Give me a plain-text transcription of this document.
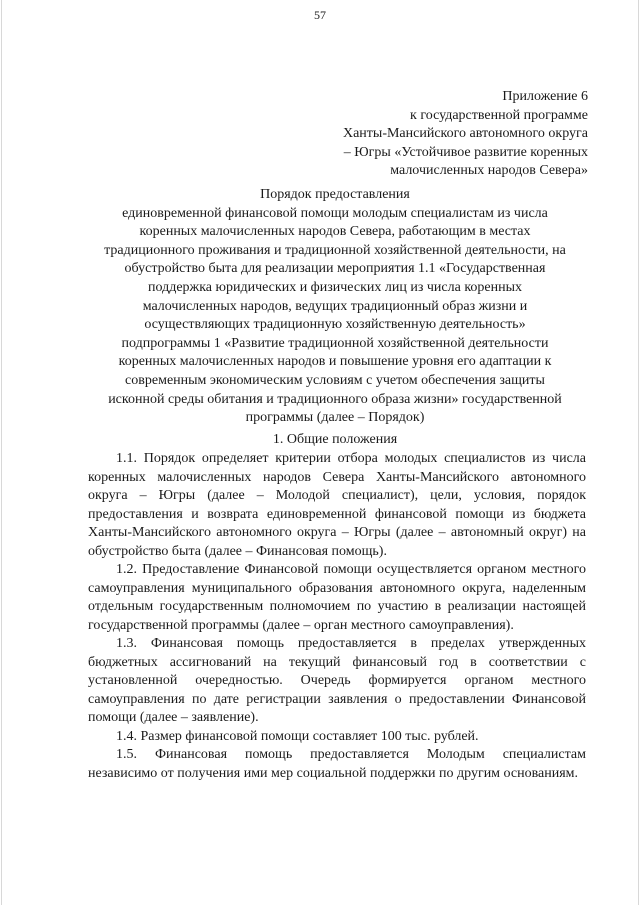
57
Приложение 6
к государственной программе
Ханты-Мансийского автономного округа
– Югры «Устойчивое развитие коренных
малочисленных народов Севера»
Порядок предоставления
единовременной финансовой помощи молодым специалистам из числа
коренных малочисленных народов Севера, работающим в местах
традиционного проживания и традиционной хозяйственной деятельности, на
обустройство быта для реализации мероприятия 1.1 «Государственная
поддержка юридических и физических лиц из числа коренных
малочисленных народов, ведущих традиционный образ жизни и
осуществляющих традиционную хозяйственную деятельность»
подпрограммы 1 «Развитие традиционной хозяйственной деятельности
коренных малочисленных народов и повышение уровня его адаптации к
современным экономическим условиям с учетом обеспечения защиты
исконной среды обитания и традиционного образа жизни» государственной
программы (далее – Порядок)
1. Общие положения

1.1. Порядок определяет критерии отбора молодых специалистов из числа коренных малочисленных народов Севера Ханты-Мансийского автономного округа – Югры (далее – Молодой специалист), цели, условия, порядок предоставления и возврата единовременной финансовой помощи из бюджета Ханты-Мансийского автономного округа – Югры (далее – автономный округ) на обустройство быта (далее – Финансовая помощь).

1.2. Предоставление Финансовой помощи осуществляется органом местного самоуправления муниципального образования автономного округа, наделенным отдельным государственным полномочием по участию в реализации настоящей государственной программы (далее – орган местного самоуправления).

1.3. Финансовая помощь предоставляется в пределах утвержденных бюджетных ассигнований на текущий финансовый год в соответствии с установленной очередностью. Очередь формируется органом местного самоуправления по дате регистрации заявления о предоставлении Финансовой помощи (далее – заявление).

1.4. Размер финансовой помощи составляет 100 тыс. рублей.

1.5. Финансовая помощь предоставляется Молодым специалистам независимо от получения ими мер социальной поддержки по другим основаниям.
